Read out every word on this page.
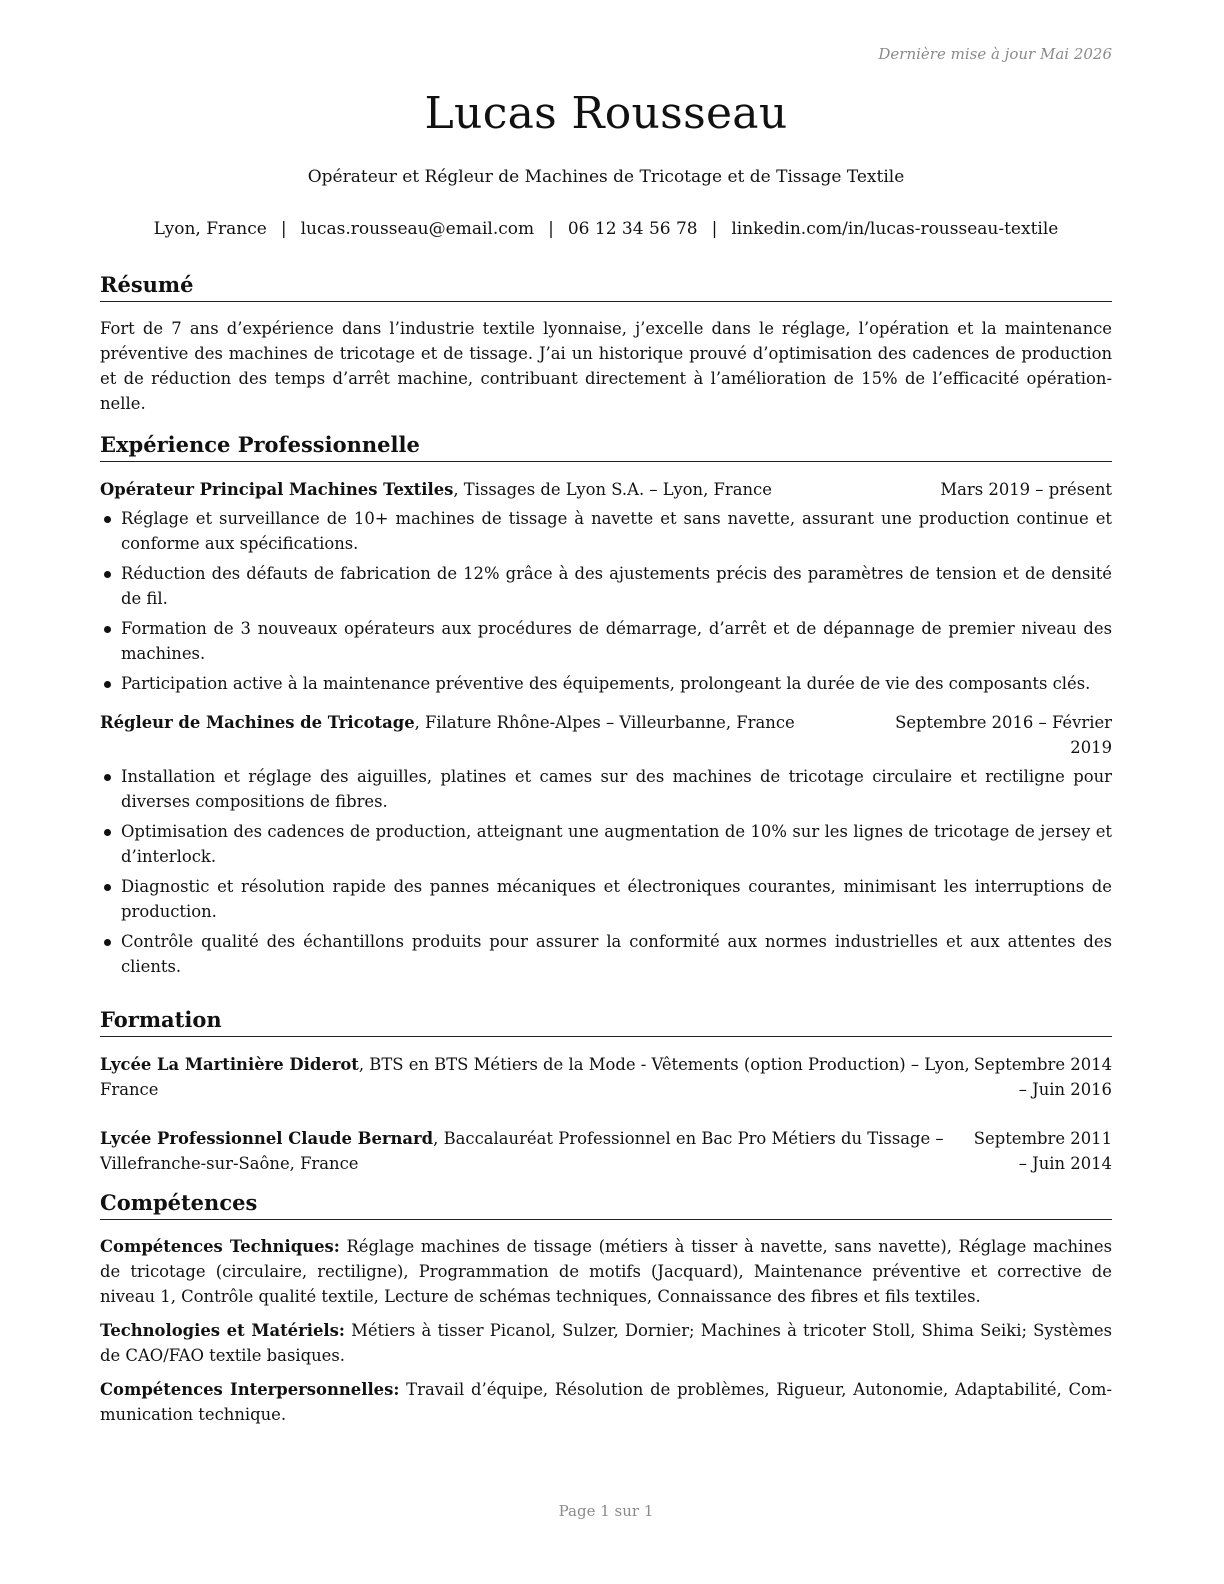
Dernière mise à jour Mai 2026
Lucas Rousseau
Opérateur et Régleur de Machines de Tricotage et de Tissage Textile
Lyon, France | lucas.rousseau@email.com | 06 12 34 56 78 | linkedin.com/in/lucas-rousseau-textile
Résumé

Fort de 7 ans d’expérience dans l’industrie textile lyonnaise, j’excelle dans le réglage, l’opération et la maintenance préventive des machines de tricotage et de tissage. J’ai un historique prouvé d’optimisation des cadences de production et de réduction des temps d’arrêt machine, contribuant directement à l’amélioration de 15% de l’efficacité opérationnelle.

Expérience Professionnelle
Opérateur Principal Machines Textiles, Tissages de Lyon S.A. – Lyon, France	Mars 2019 – présent
Réglage et surveillance de 10+ machines de tissage à navette et sans navette, assurant une production continue et conforme aux spécifications.
Réduction des défauts de fabrication de 12% grâce à des ajustements précis des paramètres de tension et de densité de fil.
Formation de 3 nouveaux opérateurs aux procédures de démarrage, d’arrêt et de dépannage de premier niveau des machines.
Participation active à la maintenance préventive des équipements, prolongeant la durée de vie des composants clés.
Régleur de Machines de Tricotage, Filature Rhône-Alpes – Villeurbanne, France	Septembre 2016 – Février 2019
Installation et réglage des aiguilles, platines et cames sur des machines de tricotage circulaire et rectiligne pour diverses compositions de fibres.
Optimisation des cadences de production, atteignant une augmentation de 10% sur les lignes de tricotage de jersey et d’interlock.
Diagnostic et résolution rapide des pannes mécaniques et électroniques courantes, minimisant les interruptions de production.
Contrôle qualité des échantillons produits pour assurer la conformité aux normes industrielles et aux attentes des clients.
Formation
Lycée La Martinière Diderot, BTS en BTS Métiers de la Mode - Vêtements (option Production) – Lyon, France
Septembre 2014 – Juin 2016
Lycée Professionnel Claude Bernard, Baccalauréat Professionnel en Bac Pro Métiers du Tissage – Villefranche-sur-Saône, France
Septembre 2011 – Juin 2014
Compétences

Compétences Techniques: Réglage machines de tissage (métiers à tisser à navette, sans navette), Réglage machines de tricotage (circulaire, rectiligne), Programmation de motifs (Jacquard), Maintenance préventive et corrective de niveau 1, Contrôle qualité textile, Lecture de schémas techniques, Connaissance des fibres et fils textiles.

Technologies et Matériels: Métiers à tisser Picanol, Sulzer, Dornier; Machines à tricoter Stoll, Shima Seiki; Systèmes de CAO/FAO textile basiques.

Compétences Interpersonnelles: Travail d’équipe, Résolution de problèmes, Rigueur, Autonomie, Adaptabilité, Communication technique.

Page 1 sur 1
